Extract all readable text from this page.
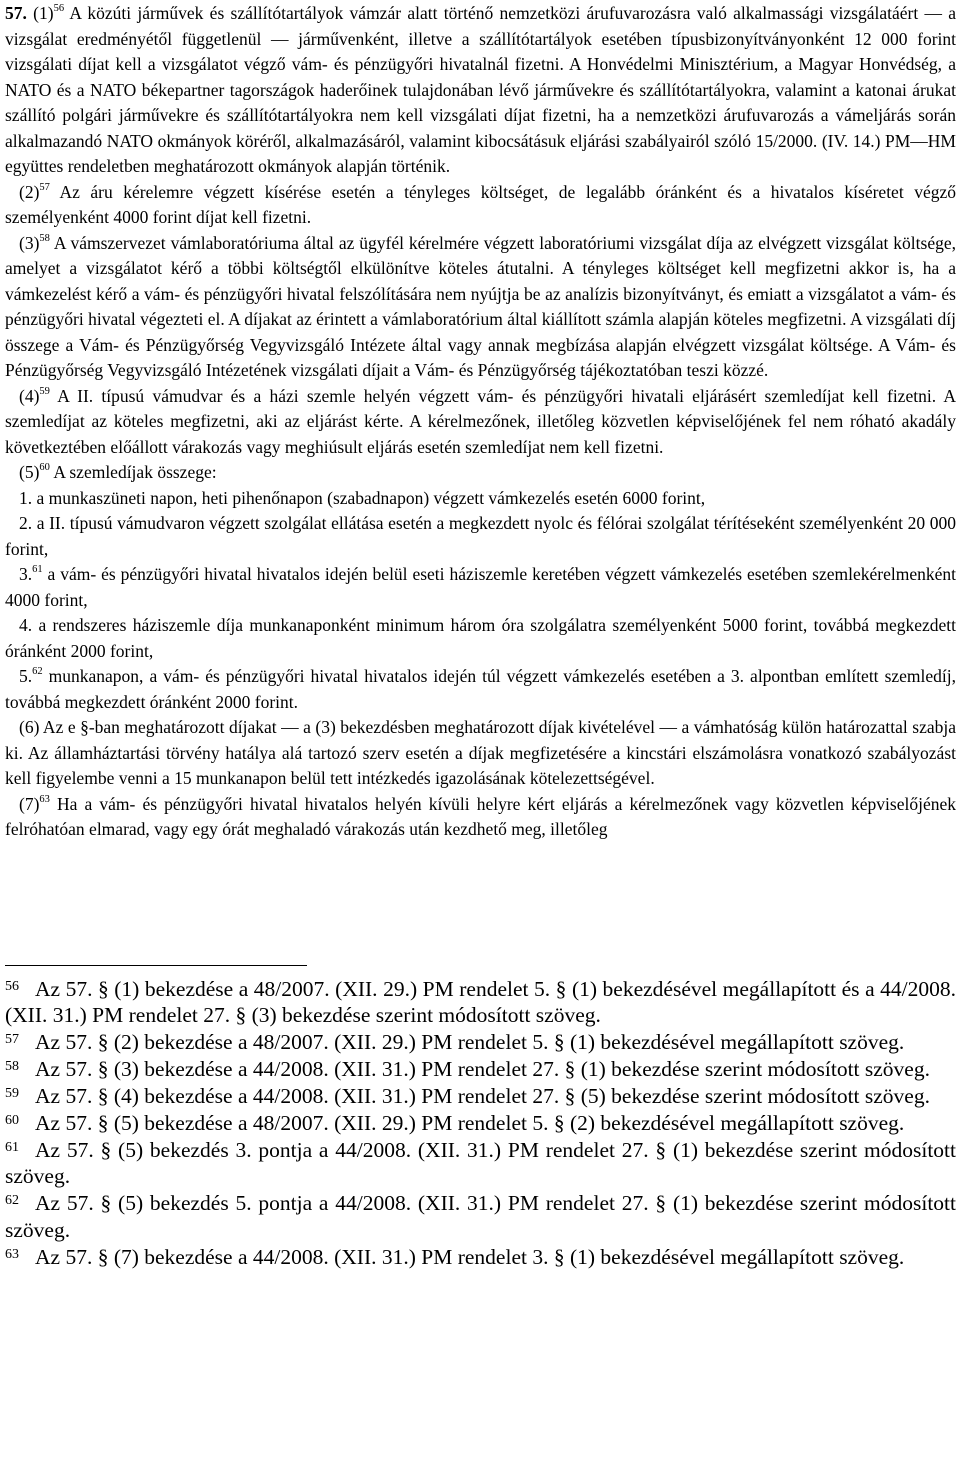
57. $(1)^{56}$ A közúti járművek és szállítótartályok vámzár alatt történő nemzetközi árufuvarozásra való alkalmassági vizsgálatáért — a vizsgálat eredményétől függetlenül — járművenként, illetve a szállítótartályok esetében típusbizonyítványonként 12 000 forint vizsgálati díjat kell a vizsgálatot végző vám- és pénzügyőri hivatalnál fizetni. A Honvédelmi Minisztérium, a Magyar Honvédség, a NATO és a NATO békepartner tagországok haderőinek tulajdonában lévő járművekre és szállítótartályokra, valamint a katonai árukat szállító polgári járművekre és szállítótartályokra nem kell vizsgálati díjat fizetni, ha a nemzetközi árufuvarozás a vámeljárás során alkalmazandó NATO okmányok köréről, alkalmazásáról, valamint kibocsátásuk eljárási szabályairól szóló 15/2000. (IV. 14.) PM—HM együttes rendeletben meghatározott okmányok alapján történik.

$(2)^{57}$ Az áru kérelemre végzett kísérése esetén a tényleges költséget, de legalább óránként és a hivatalos kíséretet végző személyenként 4000 forint díjat kell fizetni.

$(3)^{58}$ A vámszervezet vámlaboratóriuma által az ügyfél kérelmére végzett laboratóriumi vizsgálat díja az elvégzett vizsgálat költsége, amelyet a vizsgálatot kérő a többi költségtől elkülönítve köteles átutalni. A tényleges költséget kell megfizetni akkor is, ha a vámkezelést kérő a vám- és pénzügyőri hivatal felszólítására nem nyújtja be az analízis bizonyítványt, és emiatt a vizsgálatot a vám- és pénzügyőri hivatal végezteti el. A díjakat az érintett a vámlaboratórium által kiállított számla alapján köteles megfizetni. A vizsgálati díj összege a Vám- és Pénzügyőrség Vegyvizsgáló Intézete által vagy annak megbízása alapján elvégzett vizsgálat költsége. A Vám- és Pénzügyőrség Vegyvizsgáló Intézetének vizsgálati díjait a Vám- és Pénzügyőrség tájékoztatóban teszi közzé.

$(4)^{59}$ A II. típusú vámudvar és a házi szemle helyén végzett vám- és pénzügyőri hivatali eljárásért szemledíjat kell fizetni. A szemledíjat az köteles megfizetni, aki az eljárást kérte. A kérelmezőnek, illetőleg közvetlen képviselőjének fel nem róható akadály következtében előállott várakozás vagy meghiúsult eljárás esetén szemledíjat nem kell fizetni.

$(5)^{60}$ A szemledíjak összege:

1. a munkaszüneti napon, heti pihenőnapon (szabadnapon) végzett vámkezelés esetén 6000 forint,

2. a II. típusú vámudvaron végzett szolgálat ellátása esetén a megkezdett nyolc és félórai szolgálat térítéseként személyenként 20 000 forint,

3.61 a vám- és pénzügyőri hivatal hivatalos idején belül eseti háziszemle keretében végzett vámkezelés esetében szemlekérelmenként 4000 forint,

4. a rendszeres háziszemle díja munkanaponként minimum három óra szolgálatra személyenként 5000 forint, továbbá megkezdett óránként 2000 forint,

5.62 munkanapon, a vám- és pénzügyőri hivatal hivatalos idején túl végzett vámkezelés esetében a 3. alpontban említett szemledíj, továbbá megkezdett óránként 2000 forint.

(6) Az e §-ban meghatározott díjakat — a (3) bekezdésben meghatározott díjak kivételével — a vámhatóság külön határozattal szabja ki. Az államháztartási törvény hatálya alá tartozó szerv esetén a díjak megfizetésére a kincstári elszámolásra vonatkozó szabályozást kell figyelembe venni a 15 munkanapon belül tett intézkedés igazolásának kötelezettségével.

$(7)^{63}$ Ha a vám- és pénzügyőri hivatal hivatalos helyén kívüli helyre kért eljárás a kérelmezőnek vagy közvetlen képviselőjének felróhatóan elmarad, vagy egy órát meghaladó várakozás után kezdhető meg, illetőleg

$^{56}$ Az 57. § (1) bekezdése a 48/2007. (XII. 29.) PM rendelet 5. § (1) bekezdésével megállapított és a 44/2008. (XII. 31.) PM rendelet 27. § (3) bekezdése szerint módosított szöveg.

$^{57}$ Az 57. § (2) bekezdése a 48/2007. (XII. 29.) PM rendelet 5. § (1) bekezdésével megállapított szöveg.

$^{58}$ Az 57. § (3) bekezdése a 44/2008. (XII. 31.) PM rendelet 27. § (1) bekezdése szerint módosított szöveg.

$^{59}$ Az 57. § (4) bekezdése a 44/2008. (XII. 31.) PM rendelet 27. § (5) bekezdése szerint módosított szöveg.

$^{60}$ Az 57. § (5) bekezdése a 48/2007. (XII. 29.) PM rendelet 5. § (2) bekezdésével megállapított szöveg.

$^{61}$ Az 57. § (5) bekezdés 3. pontja a 44/2008. (XII. 31.) PM rendelet 27. § (1) bekezdése szerint módosított szöveg.

$^{62}$ Az 57. § (5) bekezdés 5. pontja a 44/2008. (XII. 31.) PM rendelet 27. § (1) bekezdése szerint módosított szöveg.

$^{63}$ Az 57. § (7) bekezdése a 44/2008. (XII. 31.) PM rendelet 3. § (1) bekezdésével megállapított szöveg.
